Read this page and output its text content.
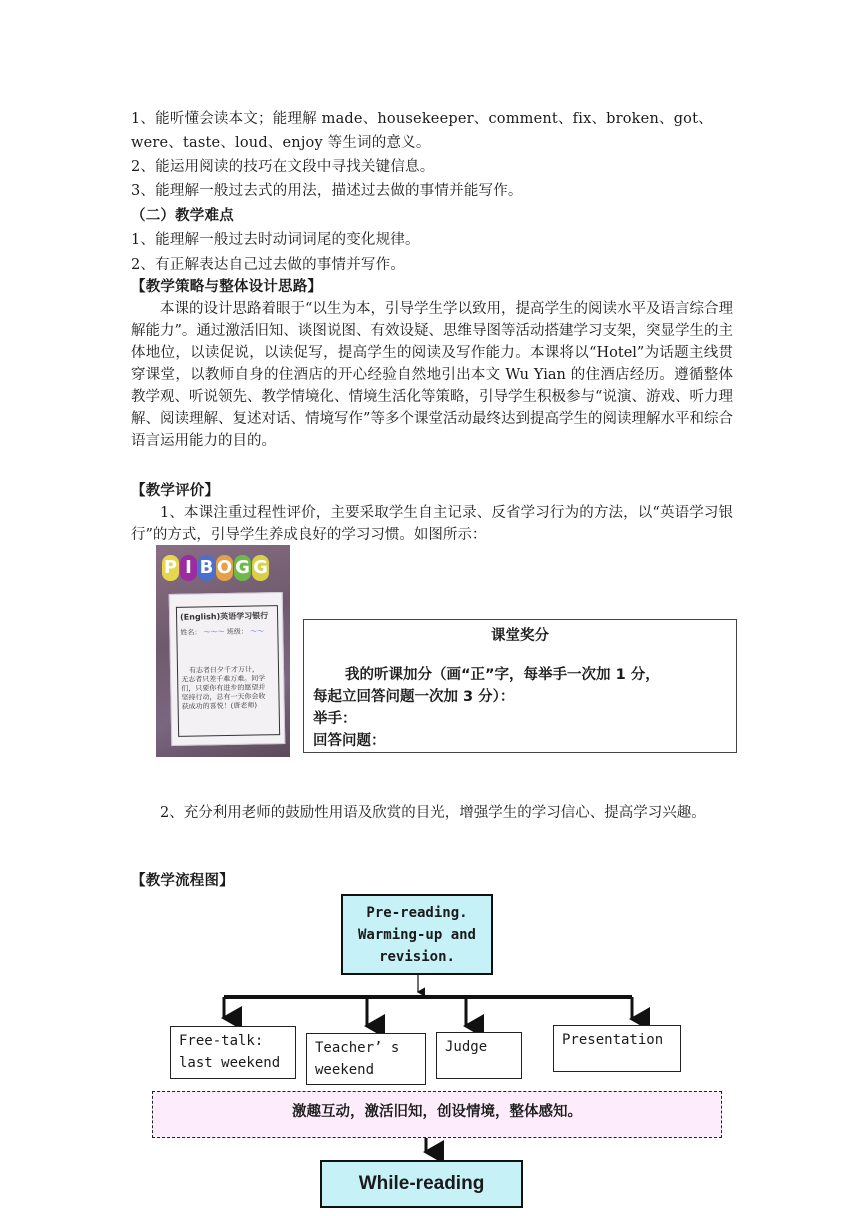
1、能听懂会读本文；能理解 made、housekeeper、comment、fix、broken、got、
were、taste、loud、enjoy 等生词的意义。
2、能运用阅读的技巧在文段中寻找关键信息。
3、能理解一般过去式的用法，描述过去做的事情并能写作。
（二）教学难点
1、能理解一般过去时动词词尾的变化规律。
2、有正解表达自己过去做的事情并写作。
【教学策略与整体设计思路】
本课的设计思路着眼于“以生为本，引导学生学以致用，提高学生的阅读水平及语言综合理解能力”。通过激活旧知、谈图说图、有效设疑、思维导图等活动搭建学习支架，突显学生的主体地位，以读促说，以读促写，提高学生的阅读及写作能力。本课将以“Hotel”为话题主线贯穿课堂，以教师自身的住酒店的开心经验自然地引出本文 Wu Yian 的住酒店经历。遵循整体教学观、听说领先、教学情境化、情境生活化等策略，引导学生积极参与“说演、游戏、听力理解、阅读理解、复述对话、情境写作”等多个课堂活动最终达到提高学生的阅读理解水平和综合语言运用能力的目的。
【教学评价】
1、本课注重过程性评价，主要采取学生自主记录、反省学习行为的方法，以“英语学习银行”的方式，引导学生养成良好的学习习惯。如图所示：
P I B O G G
(English)英语学习银行
姓名： ～～～ 班级： ～～
有志者日夕千才万计，
无志者只差千难万难。同学
们，只要你有进步的愿望并
坚持行动，总有一天你会收
获成功的喜悦！(唐老师)
课堂奖分
我的听课加分（画“正”字，每举手一次加 1 分，
每起立回答问题一次加 3 分）：
举手：
回答问题：
2、充分利用老师的鼓励性用语及欣赏的目光，增强学生的学习信心、提高学习兴趣。
【教学流程图】
Pre-reading.
Warming-up and
revision.
Free-talk:
last weekend
Teacher’ s
weekend
Judge	Presentation
激趣互动，激活旧知，创设情境，整体感知。
While-reading
